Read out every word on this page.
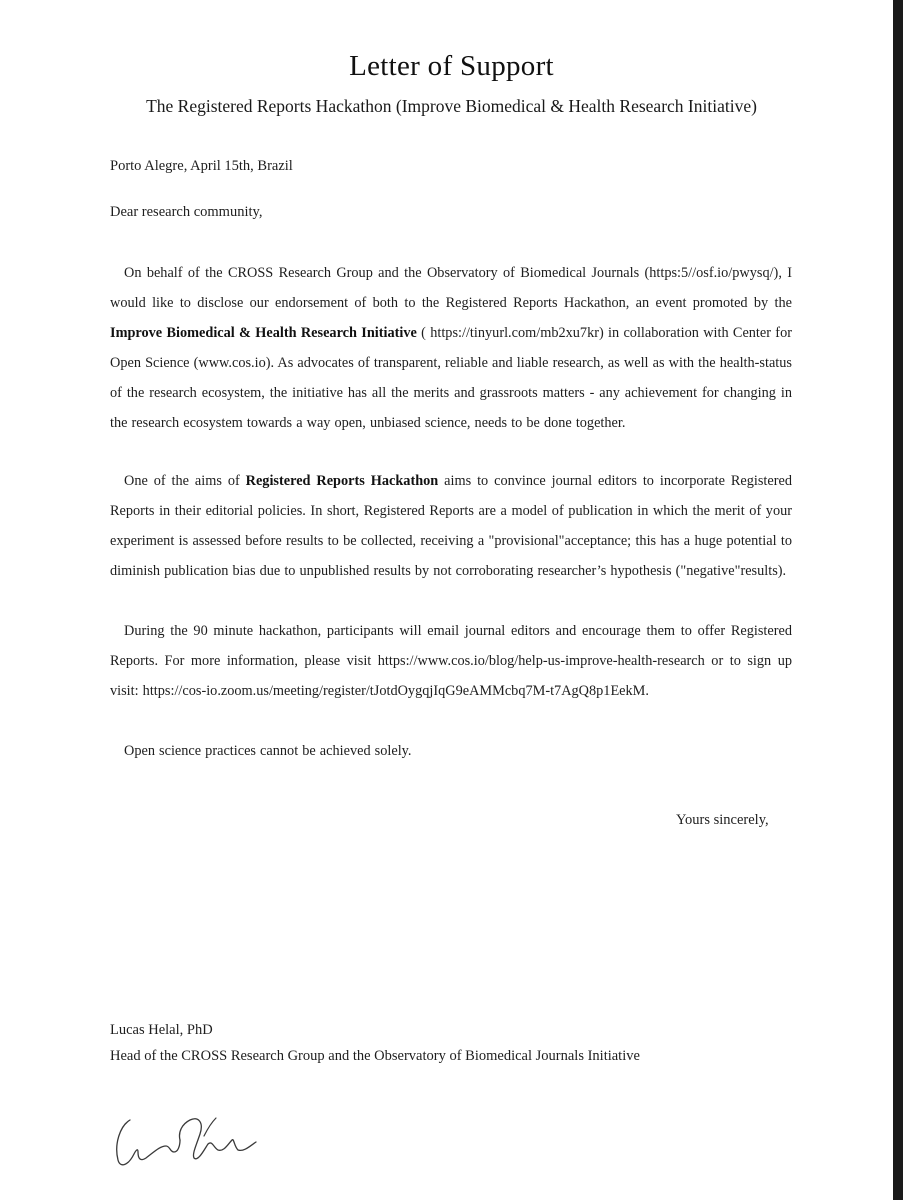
Letter of Support
The Registered Reports Hackathon (Improve Biomedical & Health Research Initiative)
Porto Alegre, April 15th, Brazil
Dear research community,
On behalf of the CROSS Research Group and the Observatory of Biomedical Journals (https:5//osf.io/pwysq/), I would like to disclose our endorsement of both to the Registered Reports Hackathon, an event promoted by the Improve Biomedical & Health Research Initiative ( https://tinyurl.com/mb2xu7kr) in collaboration with Center for Open Science (www.cos.io). As advocates of transparent, reliable and liable research, as well as with the health-status of the research ecosystem, the initiative has all the merits and grassroots matters - any achievement for changing in the research ecosystem towards a way open, unbiased science, needs to be done together.
One of the aims of Registered Reports Hackathon aims to convince journal editors to incorporate Registered Reports in their editorial policies. In short, Registered Reports are a model of publication in which the merit of your experiment is assessed before results to be collected, receiving a "provisional"acceptance; this has a huge potential to diminish publication bias due to unpublished results by not corroborating researcher’s hypothesis ("negative"results).
During the 90 minute hackathon, participants will email journal editors and encourage them to offer Registered Reports. For more information, please visit https://www.cos.io/blog/help-us-improve-health-research or to sign up visit: https://cos-io.zoom.us/meeting/register/tJotdOygqjIqG9eAMMcbq7M-t7AgQ8p1EekM.
Open science practices cannot be achieved solely.
Yours sincerely,
Lucas Helal, PhD
Head of the CROSS Research Group and the Observatory of Biomedical Journals Initiative
